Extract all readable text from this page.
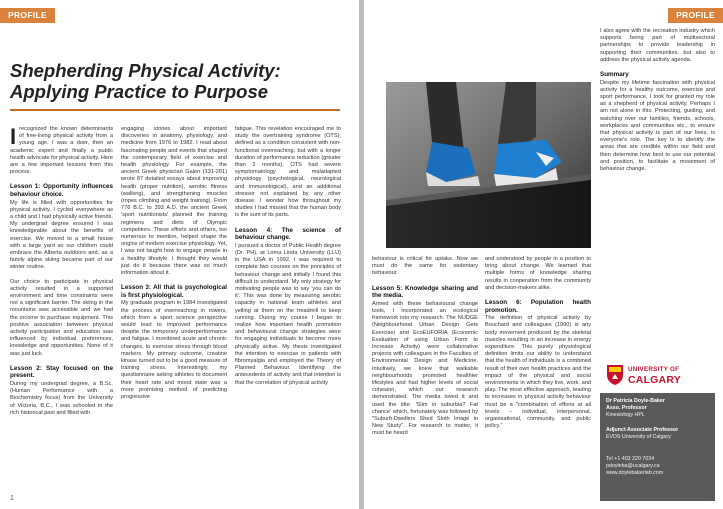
PROFILE
Shepherding Physical Activity:
Applying Practice to Purpose

Irecognized the known determinants of free-living physical activity from a young age. I was a doer, then an academic expert and finally a public health advocate for physical activity. Here are a few important lessons from this process.

Lesson 1: Opportunity influences behaviour choice.

My life is filled with opportunities for physical activity. I cycled everywhere as a child and I had physically active friends. My undergrad degree ensured I was knowledgeable about the benefits of exercise. We moved to a small house with a large yard so our children could embrace the Alberta outdoors and, as a family alpine skiing became part of our winter routine.

Our choice to participate in physical activity resulted in a supported environment and time constraints were not a significant barrier. The skiing in the mountains was accessible and we had the income to purchase equipment. This positive association between physical activity participation and education was influenced by individual preferences, knowledge and opportunities. None of it was just luck.

Lesson 2: Stay focused on the present.

During my undergrad degree, a B.Sc. (Human Performance with a Biochemistry focus) from the University of Victoria, B.C., I was schooled in the rich historical past and filled with

engaging stories about important discoveries in anatomy, physiology, and medicine from 1976 to 1982. I read about fascinating people and events that shaped the contemporary field of exercise and health physiology. For example, the ancient Greek physician Galen (131-201) wrote 87 detailed essays about improving health (proper nutrition), aerobic fitness (walking), and strengthening muscles (ropes climbing and weight training). From 776 B.C. to 393 A.D. the ancient Greek 'sport nutritionists' planned the training regimens and diets of Olympic competitors. These efforts and others, too numerous to mention, helped shape the origins of modern exercise physiology. Yet, I was not taught how to engage people in a healthy lifestyle. I thought they would just do it because there was so much information about it.

Lesson 3: All that is psychological is first physiological.

My graduate program in 1984 investigated the process of overreaching in rowers, which from a sport science perspective would lead to improved performance despite the temporary underperformance and fatigue. I monitored acute and chronic changes, to exercise stress through blood markers. My primary outcome, creatine kinase turned out to be a good measure of training stress. Interestingly, my questionnaire asking athletes to document their heart rate and mood state was a more promising method of predicting progressive

fatigue. This revelation encouraged me to study the overtraining syndrome (OTS); defined as a condition consistent with non-functional overreaching, but with a longer duration of performance reduction (greater than 2 months). OTS had severe symptomatology and maladapted physiology (psychological, neurological and immunological), and an additional stressor not explained by any other disease. I wonder how throughout my studies I had missed that the human body is the sum of its parts.

Lesson 4: The science of behaviour change.

I pursued a doctor of Public Health degree (Dr. PH), at Loma Linda University (LLU) in the USA in 1992. I was required to complete two courses on the principles of behaviour change and initially I found this difficult to understand. My only strategy for motivating people was to say 'you can do it'. This was done by measuring aerobic capacity in national team athletes and yelling at them on the treadmill to keep running. During my course I began to realize how important health promotion and behavioural change strategies were for engaging individuals to become more physically active. My thesis investigated the intention to exercise in patients with fibromyalgia and employed the Theory of Planned Behaviour. Identifying the antecedents of activity and that intention is that the correlation of physical activity

1
PROFILE

behaviour is critical for uptake. Now we must do the same for sedentary behaviour.

Lesson 5: Knowledge sharing and the media.

Armed with these behavioural change tools, I incorporated an ecological framework into my research. The NUDGE (Neighbourhood Urban Design Gets Exercise) and EcoEUFORIA (Economic Evaluation of using Urban Form to Increase Activity) were collaborative projects with colleagues in the Faculties of Environmental Design and Medicine. Intuitively, we knew that walkable neighbourhoods promoted healthier lifestyles and had higher levels of social cohesion, which our research demonstrated. The media loved it and used the title: 'Slim in suburbia? Fat chance' which, fortunately was followed by "Suburb-Dwellers Shed Sloth Image in New Study". For research to matter, it must be heard

and understood by people in a position to bring about change. We learned that multiple forms of knowledge sharing results in cooperation from the community and decision-makers alike.

Lesson 6: Population health promotion.

The definition of physical activity by Bouchard and colleagues (1990) is any body movement produced by the skeletal muscles resulting in an increase in energy expenditure. This purely physiological definition limits our ability to understand that the health of individuals is a combined result of their own health practices and the impact of the physical and social environments in which they live, work, and play. The most effective approach, leading to increases in physical activity behaviour must be a "combination of efforts at all levels – individual, interpersonal, organisational, community, and public policy."

I also agree with the recreation industry which supports being part of multisectoral partnerships to provide leadership in supporting their communities, but also to address the physical activity agenda.

Summary

Despite my lifetime fascination with physical activity for a healthy outcome, exercise and sport performance, I took for granted my role as a shepherd of physical activity. Perhaps I am not alone in this. Protecting, guiding, and watching over our families, friends, schools, workplaces and communities etc., to ensure that physical activity is part of our lives, is everyone's role. The key is to identify the areas that are credible within our field and then determine how best to use our potential and position, to facilitate a movement of behaviour change.

UNIVERSITY OF
CALGARY
Dr Patricia Doyle-Baker
Asso. Professor
Kinesiology HPL
Adjunct Associate Professor
EVDS University of Calgary
Tel +1 403 220 7034
pdoyleba@ucalgary.ca
www.doylebakerlab.com
2
